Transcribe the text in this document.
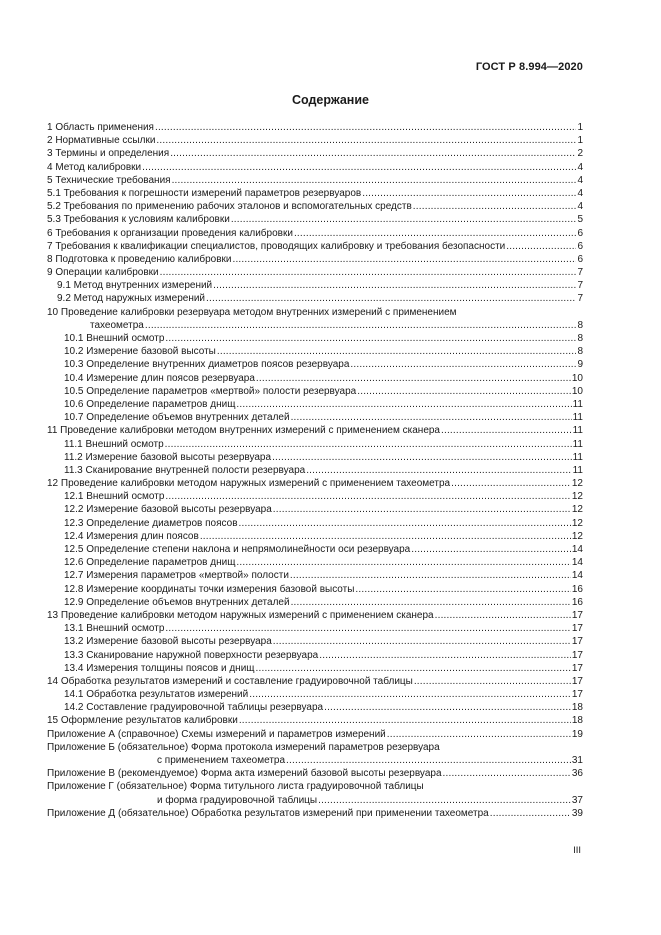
ГОСТ Р 8.994—2020
Содержание
1 Область применения .....	1
2 Нормативные ссылки .....	1
3 Термины и определения .....	2
4 Метод калибровки .....	4
5 Технические требования .....	4
5.1 Требования к погрешности измерений параметров резервуаров .....	4
5.2 Требования по применению рабочих эталонов и вспомогательных средств .....	4
5.3 Требования к условиям калибровки .....	5
6 Требования к организации проведения калибровки .....	6
7 Требования к квалификации специалистов, проводящих калибровку и требования безопасности .....	6
8 Подготовка к проведению калибровки .....	6
9 Операции калибровки .....	7
9.1 Метод внутренних измерений .....	7
9.2 Метод наружных измерений .....	7
10 Проведение калибровки резервуара методом внутренних измерений с применением
тахеометра .....	8
10.1 Внешний осмотр .....	8
10.2 Измерение базовой высоты .....	8
10.3 Определение внутренних диаметров поясов резервуара .....	9
10.4 Измерение длин поясов резервуара .....	10
10.5 Определение параметров «мертвой» полости резервуара .....	10
10.6 Определение параметров днищ .....	11
10.7 Определение объемов внутренних деталей .....	11
11 Проведение калибровки методом внутренних измерений с применением сканера .....	11
11.1 Внешний осмотр .....	11
11.2 Измерение базовой высоты резервуара .....	11
11.3 Сканирование внутренней полости резервуара .....	11
12 Проведение калибровки методом наружных измерений с применением тахеометра .....	12
12.1 Внешний осмотр .....	12
12.2 Измерение базовой высоты резервуара .....	12
12.3 Определение диаметров поясов .....	12
12.4 Измерения длин поясов .....	12
12.5 Определение степени наклона и непрямолинейности оси резервуара .....	14
12.6 Определение параметров днищ .....	14
12.7 Измерения параметров «мертвой» полости .....	14
12.8 Измерение координаты точки измерения базовой высоты .....	16
12.9 Определение объемов внутренних деталей .....	16
13 Проведение калибровки методом наружных измерений с применением сканера .....	17
13.1 Внешний осмотр .....	17
13.2 Измерение базовой высоты резервуара .....	17
13.3 Сканирование наружной поверхности резервуара .....	17
13.4 Измерения толщины поясов и днищ .....	17
14 Обработка результатов измерений и составление градуировочной таблицы .....	17
14.1 Обработка результатов измерений .....	17
14.2 Составление градуировочной таблицы резервуара .....	18
15 Оформление результатов калибровки .....	18
Приложение А (справочное) Схемы измерений и параметров измерений .....	19
Приложение Б (обязательное) Форма протокола измерений параметров резервуара
с применением тахеометра .....	31
Приложение В (рекомендуемое) Форма акта измерений базовой высоты резервуара .....	36
Приложение Г (обязательное) Форма титульного листа градуировочной таблицы
и форма градуировочной таблицы .....	37
Приложение Д (обязательное) Обработка результатов измерений при применении тахеометра .....	39
III
